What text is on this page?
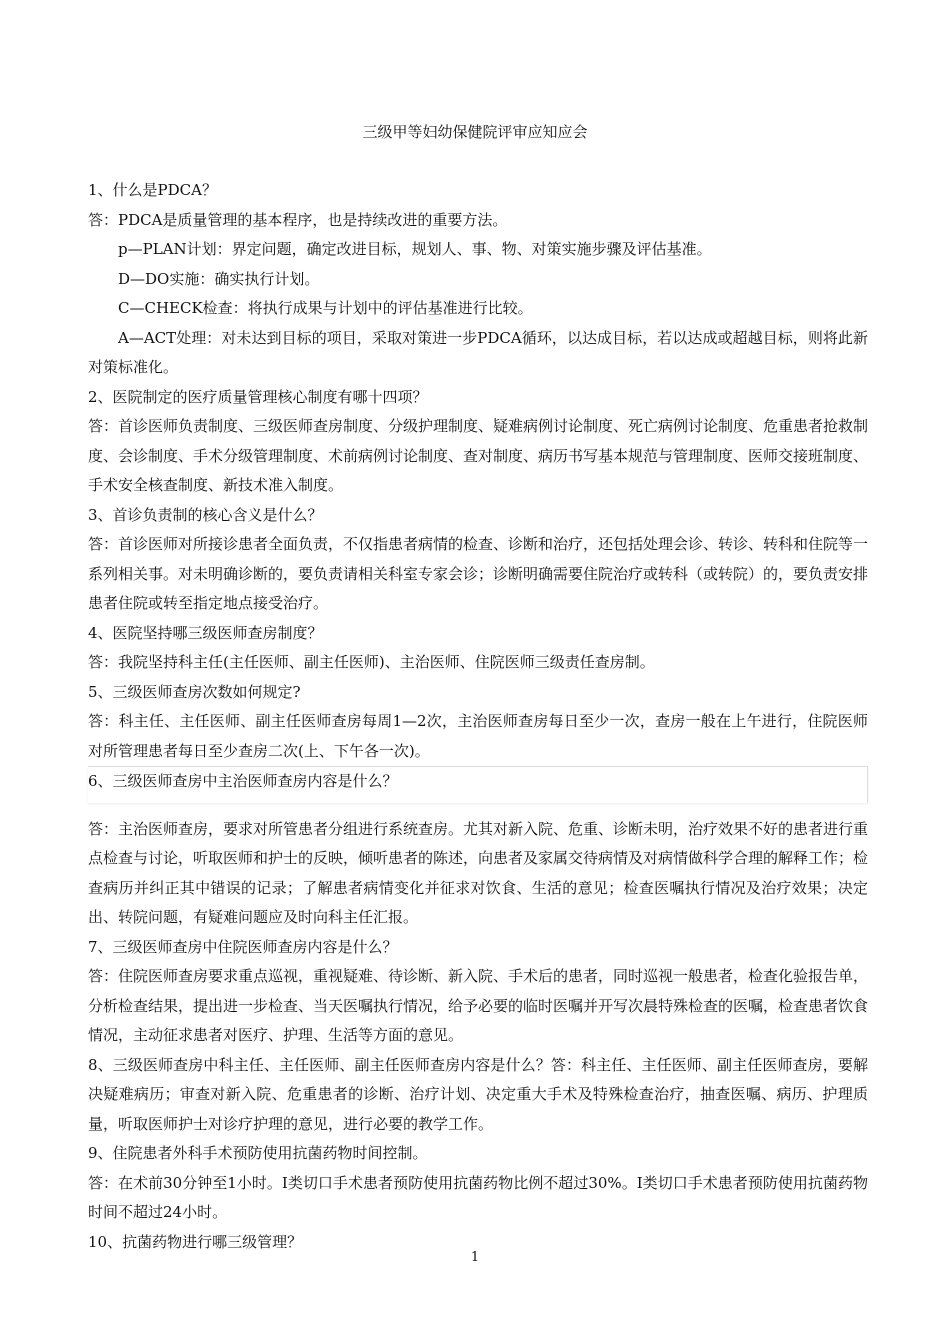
三级甲等妇幼保健院评审应知应会

1、什么是PDCA？

答：PDCA是质量管理的基本程序，也是持续改进的重要方法。

p—PLAN计划：界定问题，确定改进目标，规划人、事、物、对策实施步骤及评估基准。

D—DO实施：确实执行计划。

C—CHECK检查：将执行成果与计划中的评估基准进行比较。

A—ACT处理：对未达到目标的项目，采取对策进一步PDCA循环，以达成目标，若以达成或超越目标，则将此新对策标准化。

2、医院制定的医疗质量管理核心制度有哪十四项？

答：首诊医师负责制度、三级医师查房制度、分级护理制度、疑难病例讨论制度、死亡病例讨论制度、危重患者抢救制度、会诊制度、手术分级管理制度、术前病例讨论制度、查对制度、病历书写基本规范与管理制度、医师交接班制度、手术安全核查制度、新技术准入制度。

3、首诊负责制的核心含义是什么？

答：首诊医师对所接诊患者全面负责，不仅指患者病情的检查、诊断和治疗，还包括处理会诊、转诊、转科和住院等一系列相关事。对未明确诊断的，要负责请相关科室专家会诊；诊断明确需要住院治疗或转科（或转院）的，要负责安排患者住院或转至指定地点接受治疗。

4、医院坚持哪三级医师查房制度？

答：我院坚持科主任(主任医师、副主任医师)、主治医师、住院医师三级责任查房制。

5、三级医师查房次数如何规定?

答：科主任、主任医师、副主任医师查房每周1—2次，主治医师查房每日至少一次，查房一般在上午进行，住院医师对所管理患者每日至少查房二次(上、下午各一次)。

6、三级医师查房中主治医师查房内容是什么？

答：主治医师查房，要求对所管患者分组进行系统查房。尤其对新入院、危重、诊断未明，治疗效果不好的患者进行重点检查与讨论，听取医师和护士的反映，倾听患者的陈述，向患者及家属交待病情及对病情做科学合理的解释工作；检查病历并纠正其中错误的记录；了解患者病情变化并征求对饮食、生活的意见；检查医嘱执行情况及治疗效果；决定出、转院问题，有疑难问题应及时向科主任汇报。

7、三级医师查房中住院医师查房内容是什么？

答：住院医师查房要求重点巡视，重视疑难、待诊断、新入院、手术后的患者，同时巡视一般患者，检查化验报告单，分析检查结果，提出进一步检查、当天医嘱执行情况，给予必要的临时医嘱并开写次晨特殊检查的医嘱，检查患者饮食情况，主动征求患者对医疗、护理、生活等方面的意见。

8、三级医师查房中科主任、主任医师、副主任医师查房内容是什么？答：科主任、主任医师、副主任医师查房，要解决疑难病历；审查对新入院、危重患者的诊断、治疗计划、决定重大手术及特殊检查治疗，抽查医嘱、病历、护理质量，听取医师护士对诊疗护理的意见，进行必要的教学工作。

9、住院患者外科手术预防使用抗菌药物时间控制。

答：在术前30分钟至1小时。Ⅰ类切口手术患者预防使用抗菌药物比例不超过30%。Ⅰ类切口手术患者预防使用抗菌药物时间不超过24小时。

10、抗菌药物进行哪三级管理？

1
